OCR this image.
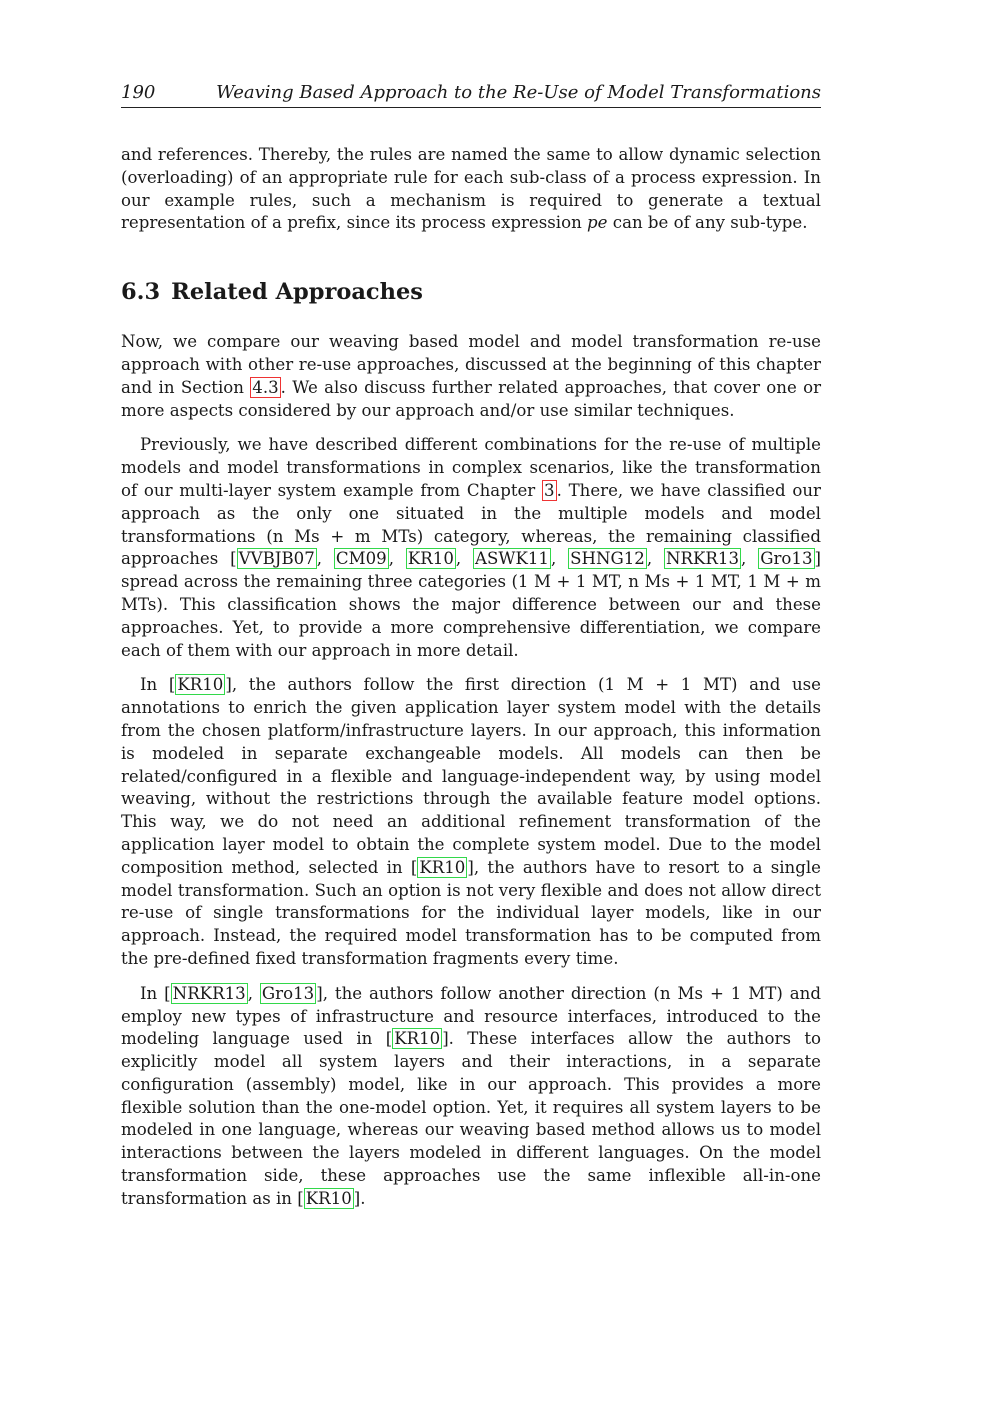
190	Weaving Based Approach to the Re-Use of Model Transformations

and references. Thereby, the rules are named the same to allow dynamic selection (overloading) of an appropriate rule for each sub-class of a process expression. In our example rules, such a mechanism is required to generate a textual representation of a prefix, since its process expression pe can be of any sub-type.

6.3 Related Approaches

Now, we compare our weaving based model and model transformation re-use approach with other re-use approaches, discussed at the beginning of this chapter and in Section 4.3 . We also discuss further related approaches, that cover one or more aspects considered by our approach and/or use similar techniques.

Previously, we have described different combinations for the re-use of multiple models and model transformations in complex scenarios, like the transformation of our multi-layer system example from Chapter 3 . There, we have classified our approach as the only one situated in the multiple models and model transformations (n Ms + m MTs) category, whereas, the remaining classified approaches [ VVBJB07 , CM09 , KR10 , ASWK11 , SHNG12 , NRKR13 , Gro13 ] spread across the remaining three categories (1 M + 1 MT, n Ms + 1 MT, 1 M + m MTs). This classification shows the major difference between our and these approaches. Yet, to provide a more comprehensive differentiation, we compare each of them with our approach in more detail.

In [ KR10 ], the authors follow the first direction (1 M + 1 MT) and use annotations to enrich the given application layer system model with the details from the chosen platform/infrastructure layers. In our approach, this information is modeled in separate exchangeable models. All models can then be related/configured in a flexible and language-independent way, by using model weaving, without the restrictions through the available feature model options. This way, we do not need an additional refinement transformation of the application layer model to obtain the complete system model. Due to the model composition method, selected in [ KR10 ], the authors have to resort to a single model transformation. Such an option is not very flexible and does not allow direct re-use of single transformations for the individual layer models, like in our approach. Instead, the required model transformation has to be computed from the pre-defined fixed transformation fragments every time.

In [ NRKR13 , Gro13 ], the authors follow another direction (n Ms + 1 MT) and employ new types of infrastructure and resource interfaces, introduced to the modeling language used in [ KR10 ]. These interfaces allow the authors to explicitly model all system layers and their interactions, in a separate configuration (assembly) model, like in our approach. This provides a more flexible solution than the one-model option. Yet, it requires all system layers to be modeled in one language, whereas our weaving based method allows us to model interactions between the layers modeled in different languages. On the model transformation side, these approaches use the same inflexible all-in-one transformation as in [ KR10 ].
